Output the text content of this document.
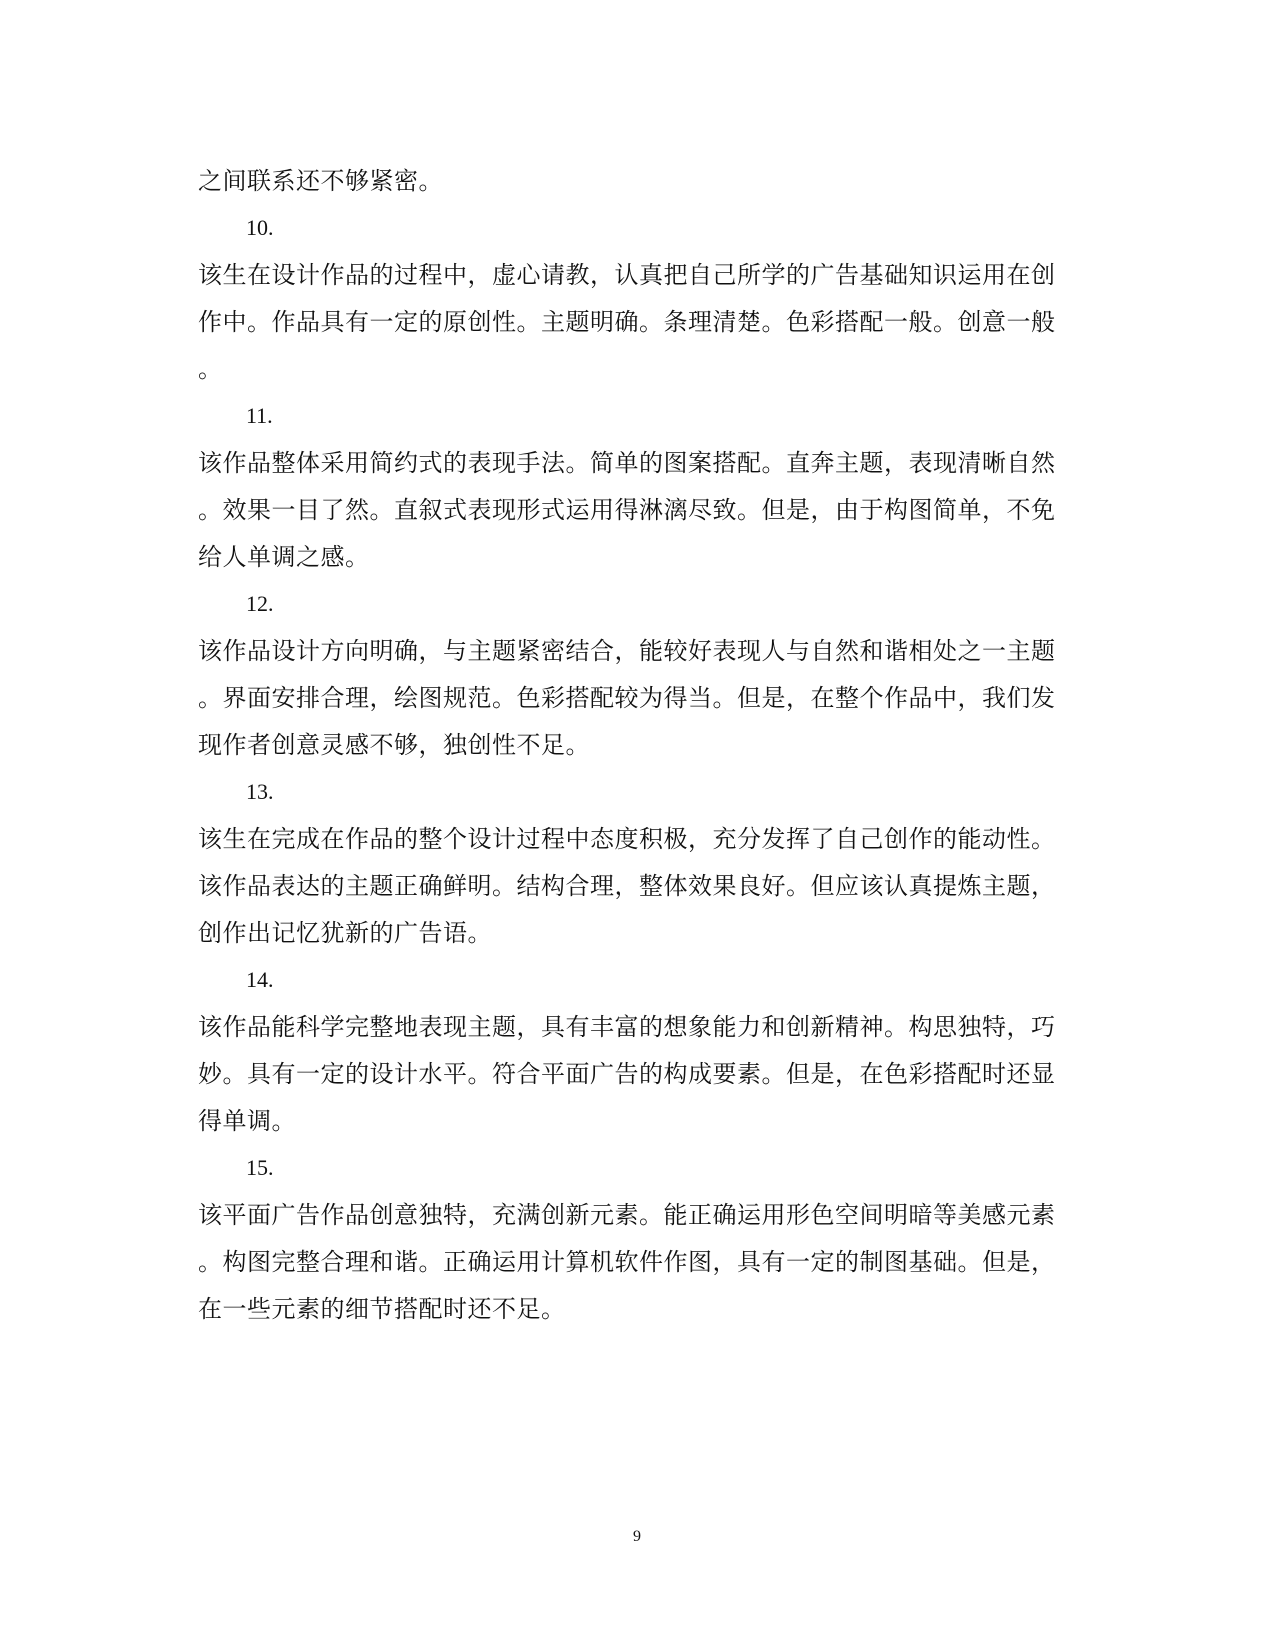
之间联系还不够紧密。
10.
该生在设计作品的过程中，虚心请教，认真把自己所学的广告基础知识运用在创
作中。作品具有一定的原创性。主题明确。条理清楚。色彩搭配一般。创意一般
。
11.
该作品整体采用简约式的表现手法。简单的图案搭配。直奔主题，表现清晰自然
。效果一目了然。直叙式表现形式运用得淋漓尽致。但是，由于构图简单，不免
给人单调之感。
12.
该作品设计方向明确，与主题紧密结合，能较好表现人与自然和谐相处之一主题
。界面安排合理，绘图规范。色彩搭配较为得当。但是，在整个作品中，我们发
现作者创意灵感不够，独创性不足。
13.
该生在完成在作品的整个设计过程中态度积极，充分发挥了自己创作的能动性。
该作品表达的主题正确鲜明。结构合理，整体效果良好。但应该认真提炼主题，
创作出记忆犹新的广告语。
14.
该作品能科学完整地表现主题，具有丰富的想象能力和创新精神。构思独特，巧
妙。具有一定的设计水平。符合平面广告的构成要素。但是，在色彩搭配时还显
得单调。
15.
该平面广告作品创意独特，充满创新元素。能正确运用形色空间明暗等美感元素
。构图完整合理和谐。正确运用计算机软件作图，具有一定的制图基础。但是，
在一些元素的细节搭配时还不足。
9
